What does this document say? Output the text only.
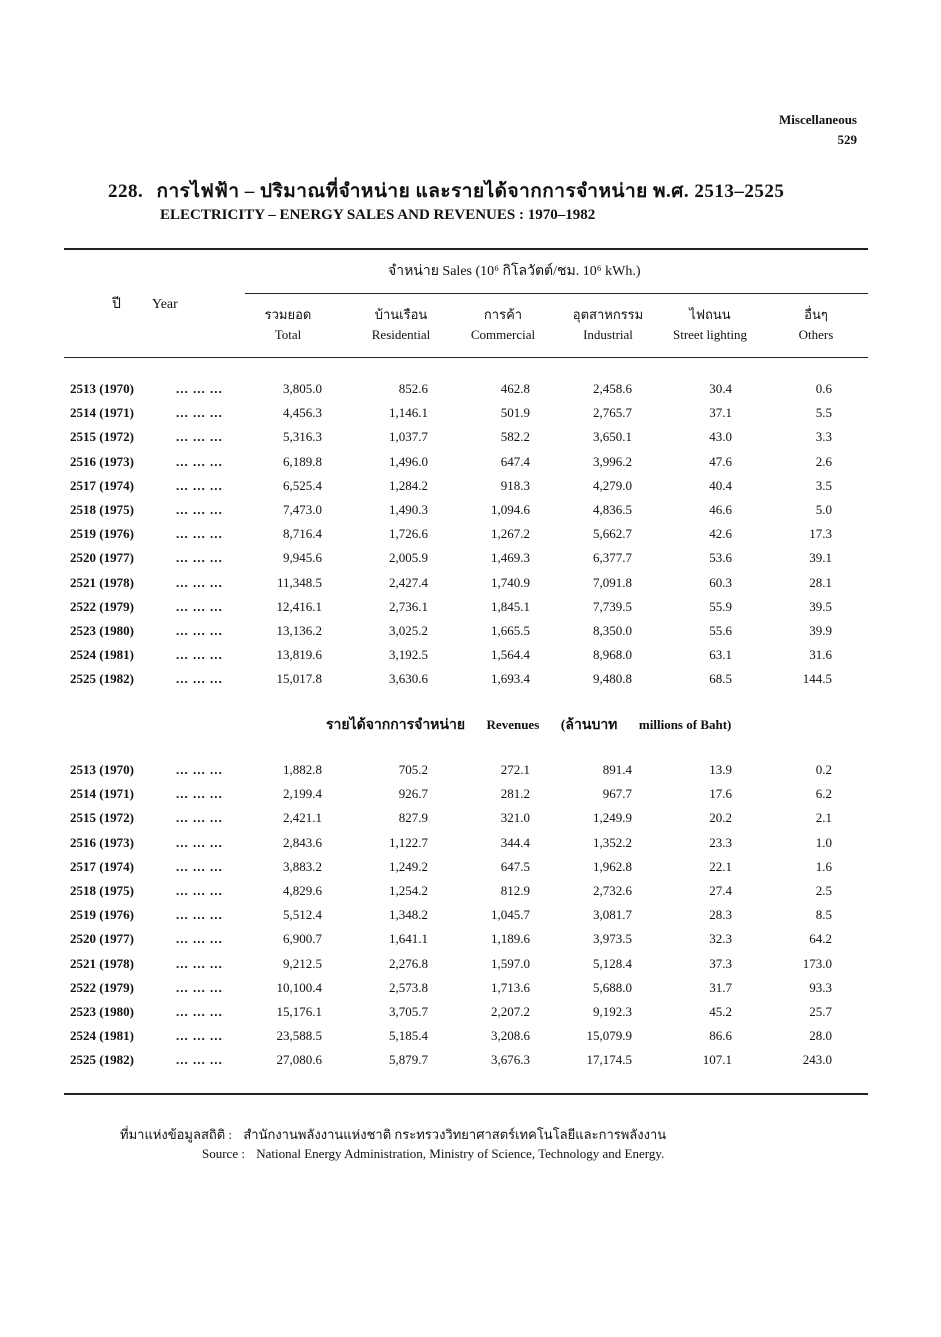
Miscellaneous
529
228. การไฟฟ้า – ปริมาณที่จำหน่าย และรายได้จากการจำหน่าย พ.ศ. 2513–2525
ELECTRICITY – ENERGY SALES AND REVENUES : 1970–1982
ปี Year
จำหน่าย Sales (10⁶ กิโลวัตต์/ชม. 10⁶ kWh.)
รวมยอด
Total
บ้านเรือน
Residential
การค้า
Commercial
อุตสาหกรรม
Industrial
ไฟถนน
Street lighting
อื่นๆ
Others
2513 (1970)	... ... ...	3,805.0	852.6	462.8	2,458.6	30.4	0.6
2514 (1971)	... ... ...	4,456.3	1,146.1	501.9	2,765.7	37.1	5.5
2515 (1972)	... ... ...	5,316.3	1,037.7	582.2	3,650.1	43.0	3.3
2516 (1973)	... ... ...	6,189.8	1,496.0	647.4	3,996.2	47.6	2.6
2517 (1974)	... ... ...	6,525.4	1,284.2	918.3	4,279.0	40.4	3.5
2518 (1975)	... ... ...	7,473.0	1,490.3	1,094.6	4,836.5	46.6	5.0
2519 (1976)	... ... ...	8,716.4	1,726.6	1,267.2	5,662.7	42.6	17.3
2520 (1977)	... ... ...	9,945.6	2,005.9	1,469.3	6,377.7	53.6	39.1
2521 (1978)	... ... ...	11,348.5	2,427.4	1,740.9	7,091.8	60.3	28.1
2522 (1979)	... ... ...	12,416.1	2,736.1	1,845.1	7,739.5	55.9	39.5
2523 (1980)	... ... ...	13,136.2	3,025.2	1,665.5	8,350.0	55.6	39.9
2524 (1981)	... ... ...	13,819.6	3,192.5	1,564.4	8,968.0	63.1	31.6
2525 (1982)	... ... ...	15,017.8	3,630.6	1,693.4	9,480.8	68.5	144.5
รายได้จากการจำหน่าย Revenues (ล้านบาท millions of Baht)
2513 (1970)	... ... ...	1,882.8	705.2	272.1	891.4	13.9	0.2
2514 (1971)	... ... ...	2,199.4	926.7	281.2	967.7	17.6	6.2
2515 (1972)	... ... ...	2,421.1	827.9	321.0	1,249.9	20.2	2.1
2516 (1973)	... ... ...	2,843.6	1,122.7	344.4	1,352.2	23.3	1.0
2517 (1974)	... ... ...	3,883.2	1,249.2	647.5	1,962.8	22.1	1.6
2518 (1975)	... ... ...	4,829.6	1,254.2	812.9	2,732.6	27.4	2.5
2519 (1976)	... ... ...	5,512.4	1,348.2	1,045.7	3,081.7	28.3	8.5
2520 (1977)	... ... ...	6,900.7	1,641.1	1,189.6	3,973.5	32.3	64.2
2521 (1978)	... ... ...	9,212.5	2,276.8	1,597.0	5,128.4	37.3	173.0
2522 (1979)	... ... ...	10,100.4	2,573.8	1,713.6	5,688.0	31.7	93.3
2523 (1980)	... ... ...	15,176.1	3,705.7	2,207.2	9,192.3	45.2	25.7
2524 (1981)	... ... ...	23,588.5	5,185.4	3,208.6	15,079.9	86.6	28.0
2525 (1982)	... ... ...	27,080.6	5,879.7	3,676.3	17,174.5	107.1	243.0
ที่มาแห่งข้อมูลสถิติ : สำนักงานพลังงานแห่งชาติ กระทรวงวิทยาศาสตร์เทคโนโลยีและการพลังงาน
Source : National Energy Administration, Ministry of Science, Technology and Energy.
